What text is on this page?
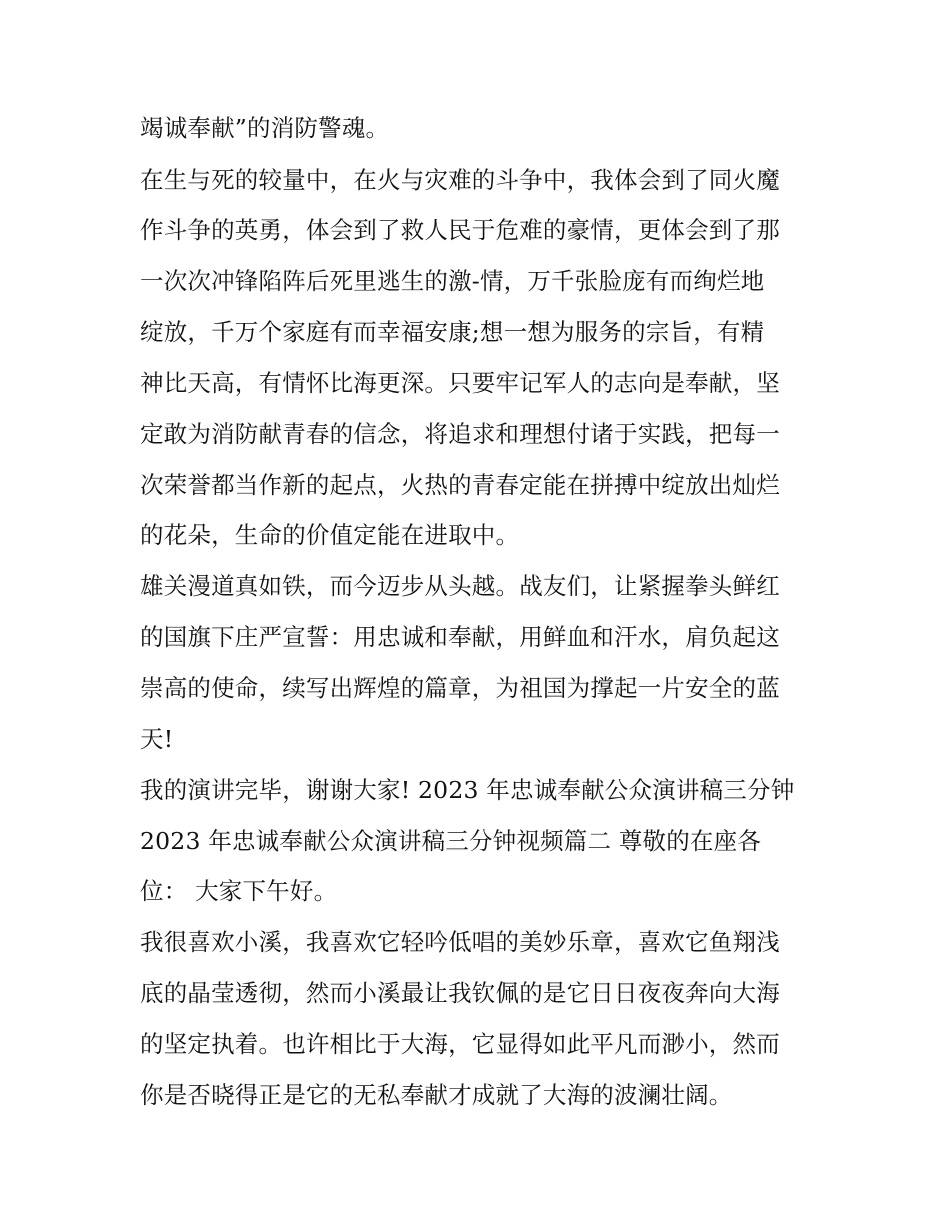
竭诚奉献”的消防警魂。
在生与死的较量中，在火与灾难的斗争中，我体会到了同火魔
作斗争的英勇，体会到了救人民于危难的豪情，更体会到了那
一次次冲锋陷阵后死里逃生的激-情，万千张脸庞有而绚烂地
绽放，千万个家庭有而幸福安康;想一想为服务的宗旨，有精
神比天高，有情怀比海更深。只要牢记军人的志向是奉献，坚
定敢为消防献青春的信念，将追求和理想付诸于实践，把每一
次荣誉都当作新的起点，火热的青春定能在拼搏中绽放出灿烂
的花朵，生命的价值定能在进取中。
雄关漫道真如铁，而今迈步从头越。战友们，让紧握拳头鲜红
的国旗下庄严宣誓：用忠诚和奉献，用鲜血和汗水，肩负起这
崇高的使命，续写出辉煌的篇章，为祖国为撑起一片安全的蓝
天!
我的演讲完毕，谢谢大家! 2023 年忠诚奉献公众演讲稿三分钟
2023 年忠诚奉献公众演讲稿三分钟视频篇二 尊敬的在座各
位： 大家下午好。
我很喜欢小溪，我喜欢它轻吟低唱的美妙乐章，喜欢它鱼翔浅
底的晶莹透彻，然而小溪最让我钦佩的是它日日夜夜奔向大海
的坚定执着。也许相比于大海，它显得如此平凡而渺小，然而
你是否晓得正是它的无私奉献才成就了大海的波澜壮阔。
